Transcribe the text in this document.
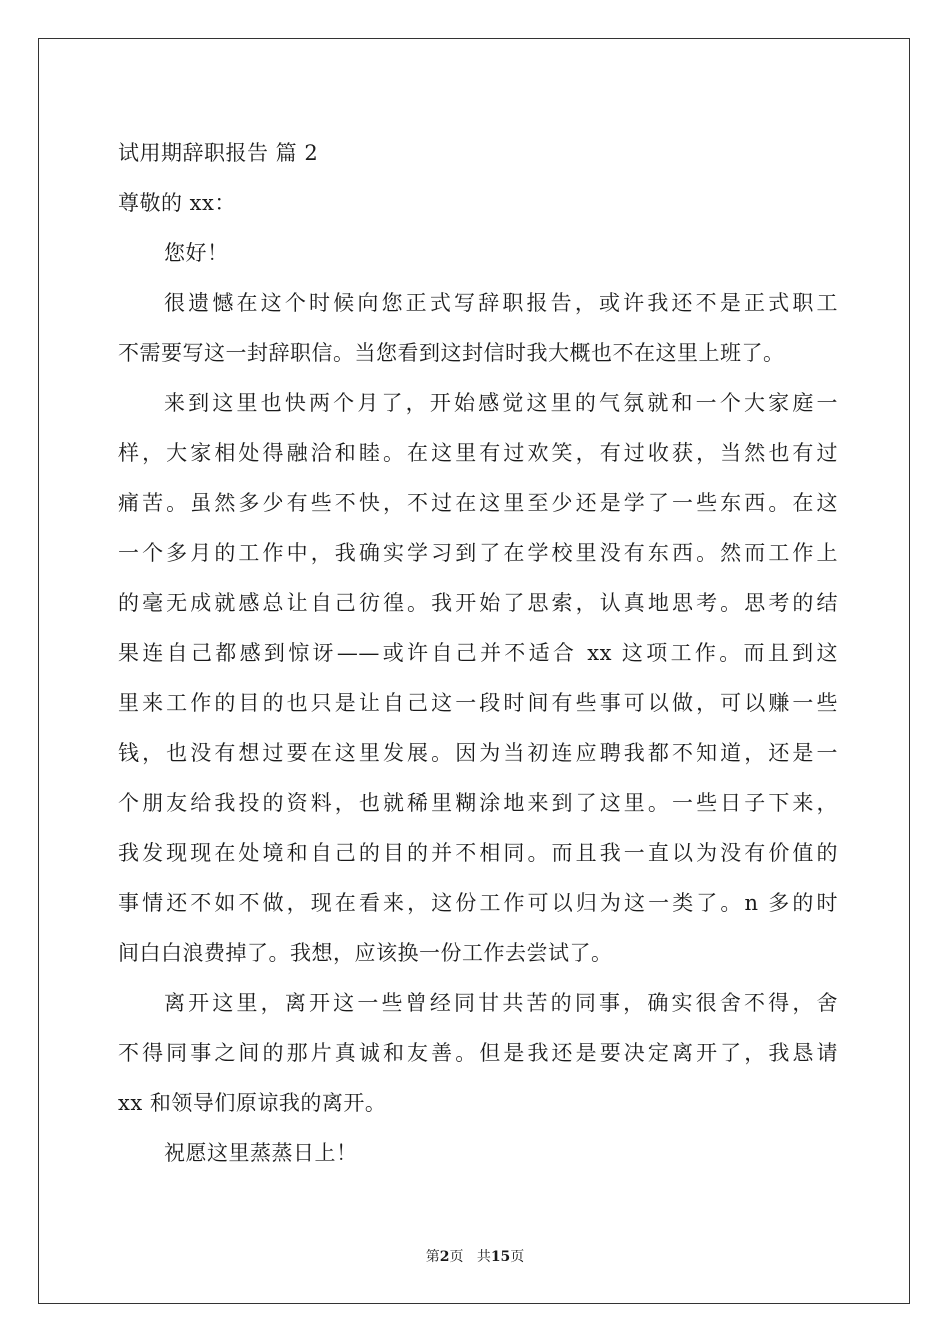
试用期辞职报告 篇 2
尊敬的 xx：
您好！
很遗憾在这个时候向您正式写辞职报告，或许我还不是正式职工
不需要写这一封辞职信。当您看到这封信时我大概也不在这里上班了。
来到这里也快两个月了，开始感觉这里的气氛就和一个大家庭一
样，大家相处得融洽和睦。在这里有过欢笑，有过收获，当然也有过
痛苦。虽然多少有些不快，不过在这里至少还是学了一些东西。在这
一个多月的工作中，我确实学习到了在学校里没有东西。然而工作上
的毫无成就感总让自己彷徨。我开始了思索，认真地思考。思考的结
果连自己都感到惊讶——或许自己并不适合 xx 这项工作。而且到这
里来工作的目的也只是让自己这一段时间有些事可以做，可以赚一些
钱，也没有想过要在这里发展。因为当初连应聘我都不知道，还是一
个朋友给我投的资料，也就稀里糊涂地来到了这里。一些日子下来，
我发现现在处境和自己的目的并不相同。而且我一直以为没有价值的
事情还不如不做，现在看来，这份工作可以归为这一类了。n 多的时
间白白浪费掉了。我想，应该换一份工作去尝试了。
离开这里，离开这一些曾经同甘共苦的同事，确实很舍不得，舍
不得同事之间的那片真诚和友善。但是我还是要决定离开了，我恳请
xx 和领导们原谅我的离开。
祝愿这里蒸蒸日上！
第2页 共15页
